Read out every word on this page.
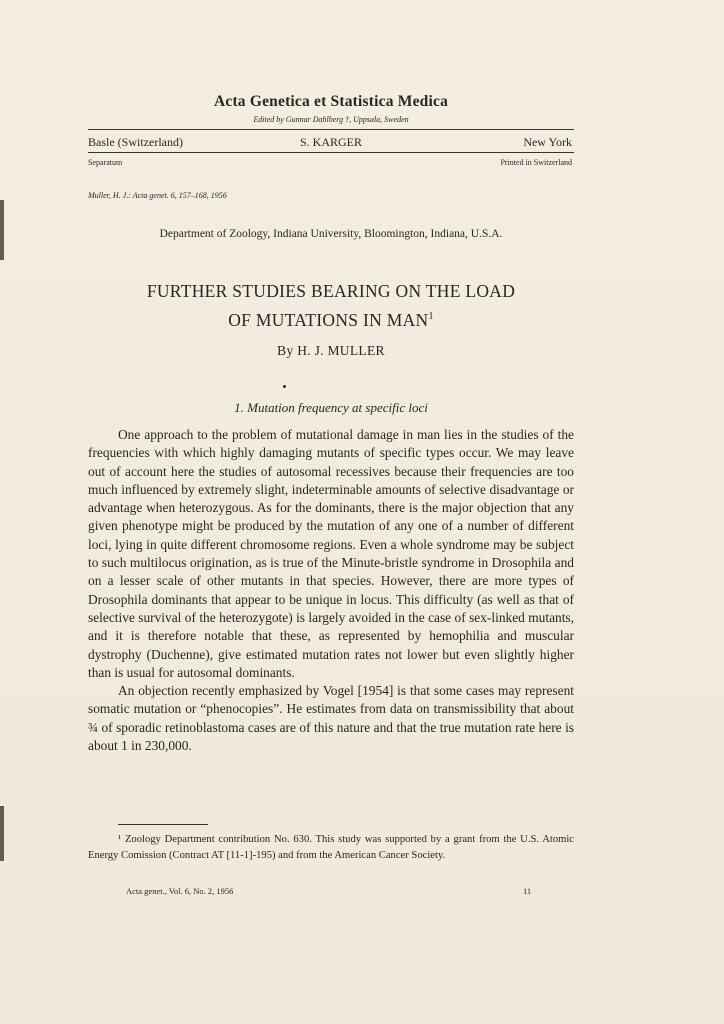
Acta Genetica et Statistica Medica
Edited by Gunnar Dahlberg †, Uppsala, Sweden
Basle (Switzerland)	S. KARGER	New York
Separatum	Printed in Switzerland
Muller, H. J.: Acta genet. 6, 157–168, 1956
Department of Zoology, Indiana University, Bloomington, Indiana, U.S.A.
FURTHER STUDIES BEARING ON THE LOAD
OF MUTATIONS IN MAN$^1$
By H. J. MULLER
1. Mutation frequency at specific loci

One approach to the problem of mutational damage in man lies in the studies of the frequencies with which highly damaging mutants of specific types occur. We may leave out of account here the studies of autosomal recessives because their frequencies are too much influenced by extremely slight, indeterminable amounts of selective disadvantage or advantage when heterozygous. As for the dominants, there is the major objection that any given phenotype might be produced by the mutation of any one of a number of different loci, lying in quite different chromosome regions. Even a whole syndrome may be subject to such multilocus origination, as is true of the Minute-bristle syndrome in Drosophila and on a lesser scale of other mutants in that species. However, there are more types of Drosophila dominants that appear to be unique in locus. This difficulty (as well as that of selective survival of the heterozygote) is largely avoided in the case of sex-linked mutants, and it is therefore notable that these, as represented by hemophilia and muscular dystrophy (Duchenne), give estimated mutation rates not lower but even slightly higher than is usual for autosomal dominants.

An objection recently emphasized by Vogel [1954] is that some cases may represent somatic mutation or “phenocopies”. He estimates from data on transmissibility that about ¾ of sporadic retinoblastoma cases are of this nature and that the true mutation rate here is about 1 in 230,000.

¹ Zoology Department contribution No. 630. This study was supported by a grant from the U.S. Atomic Energy Comission (Contract AT [11-1]-195) and from the American Cancer Society.

Acta genet., Vol. 6, No. 2, 1956	11
